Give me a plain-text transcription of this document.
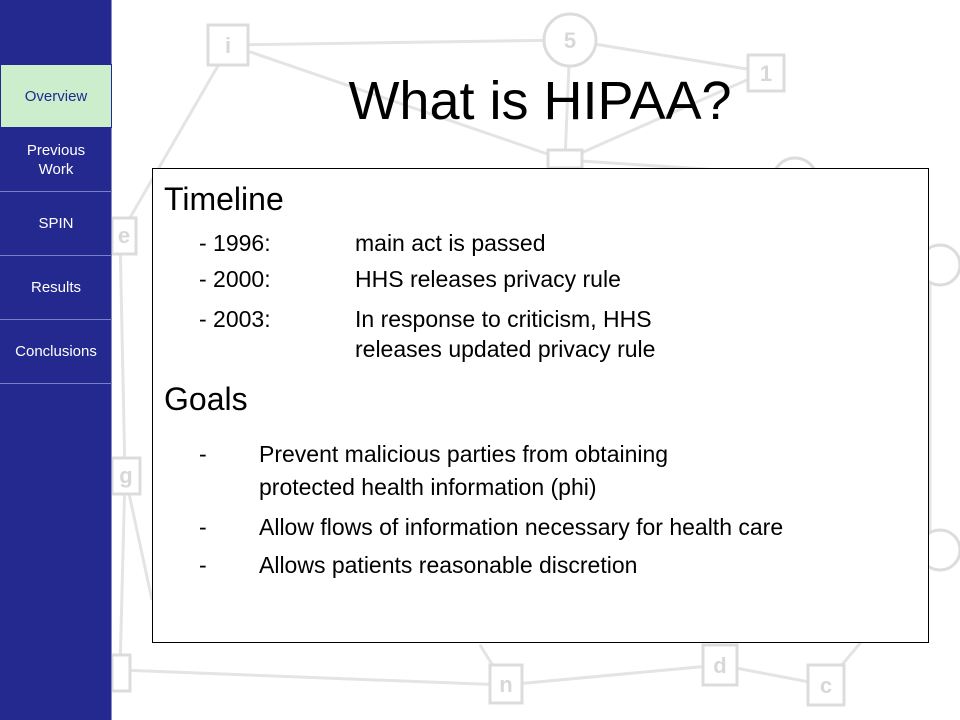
i	5
1
e
g
n
d
c
Overview
Previous
Work
SPIN
Results
Conclusions
What is HIPAA?
Timeline
- 1996:	main act is passed
- 2000:	HHS releases privacy rule
- 2003:	In response to criticism, HHS
releases updated privacy rule
Goals
- Prevent malicious parties from obtaining
protected health information (phi)
- Allow flows of information necessary for health care
- Allows patients reasonable discretion
